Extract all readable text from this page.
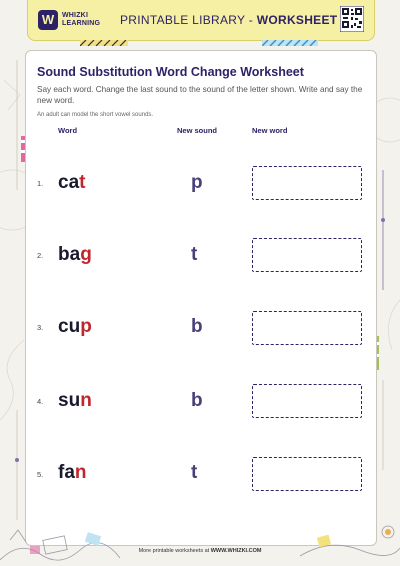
W	WHIZKI
LEARNING PRINTABLE LIBRARY - WORKSHEET
Sound Substitution Word Change Worksheet
Say each word. Change the last sound to the sound of the letter shown. Write and say the new word.
An adult can model the short vowel sounds.
Word	New sound	New word
1. cat	p
2. bag	t
3. cup	b
4. sun	b
5. fan	t
More printable worksheets at WWW.WHIZKI.COM
